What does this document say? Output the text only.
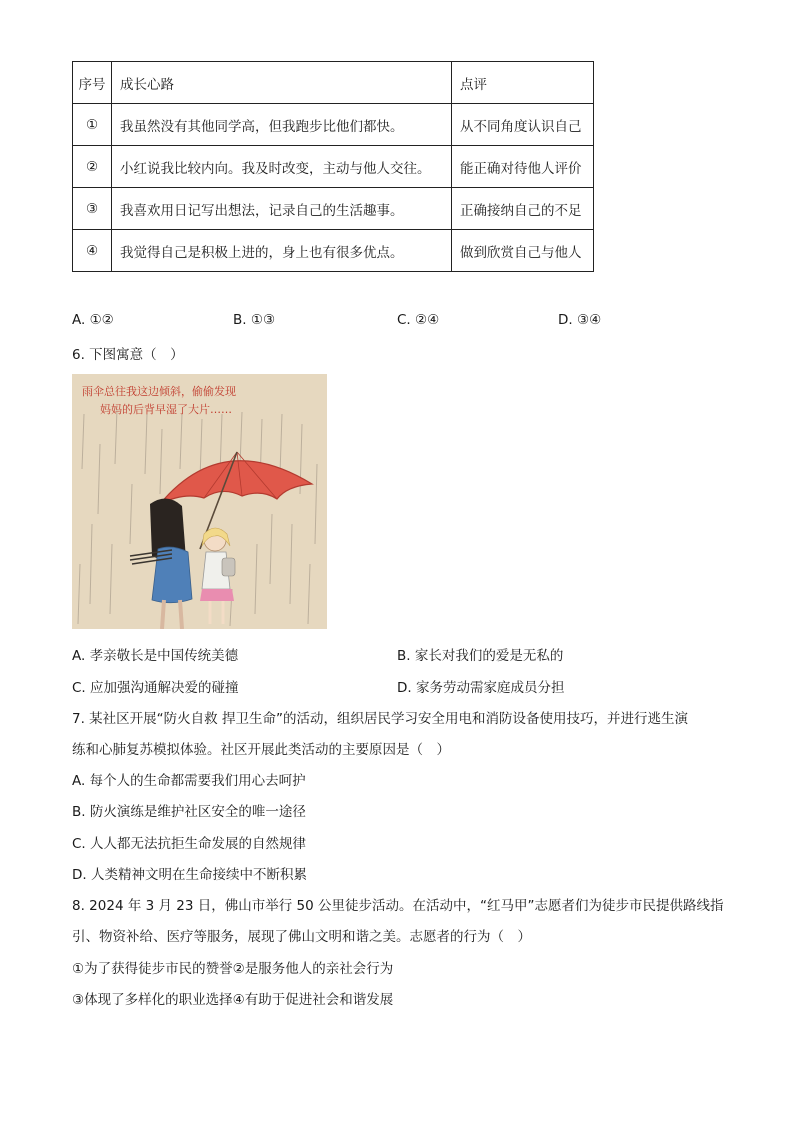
序号	成长心路	点评
①	我虽然没有其他同学高，但我跑步比他们都快。	从不同角度认识自己
②	小红说我比较内向。我及时改变，主动与他人交往。	能正确对待他人评价
③	我喜欢用日记写出想法，记录自己的生活趣事。	正确接纳自己的不足
④	我觉得自己是积极上进的，身上也有很多优点。	做到欣赏自己与他人
A. ①②	B. ①③	C. ②④	D. ③④
6. 下图寓意（　）
雨伞总往我这边倾斜，偷偷发现
妈妈的后背早湿了大片……
A. 孝亲敬长是中国传统美德	B. 家长对我们的爱是无私的
C. 应加强沟通解决爱的碰撞	D. 家务劳动需家庭成员分担
7. 某社区开展“防火自救 捍卫生命”的活动，组织居民学习安全用电和消防设备使用技巧，并进行逃生演
练和心肺复苏模拟体验。社区开展此类活动的主要原因是（　）
A. 每个人的生命都需要我们用心去呵护
B. 防火演练是维护社区安全的唯一途径
C. 人人都无法抗拒生命发展的自然规律
D. 人类精神文明在生命接续中不断积累
8. 2024 年 3 月 23 日，佛山市举行 50 公里徒步活动。在活动中，“红马甲”志愿者们为徒步市民提供路线指
引、物资补给、医疗等服务，展现了佛山文明和谐之美。志愿者的行为（　）
①为了获得徒步市民的赞誉②是服务他人的亲社会行为
③体现了多样化的职业选择④有助于促进社会和谐发展
